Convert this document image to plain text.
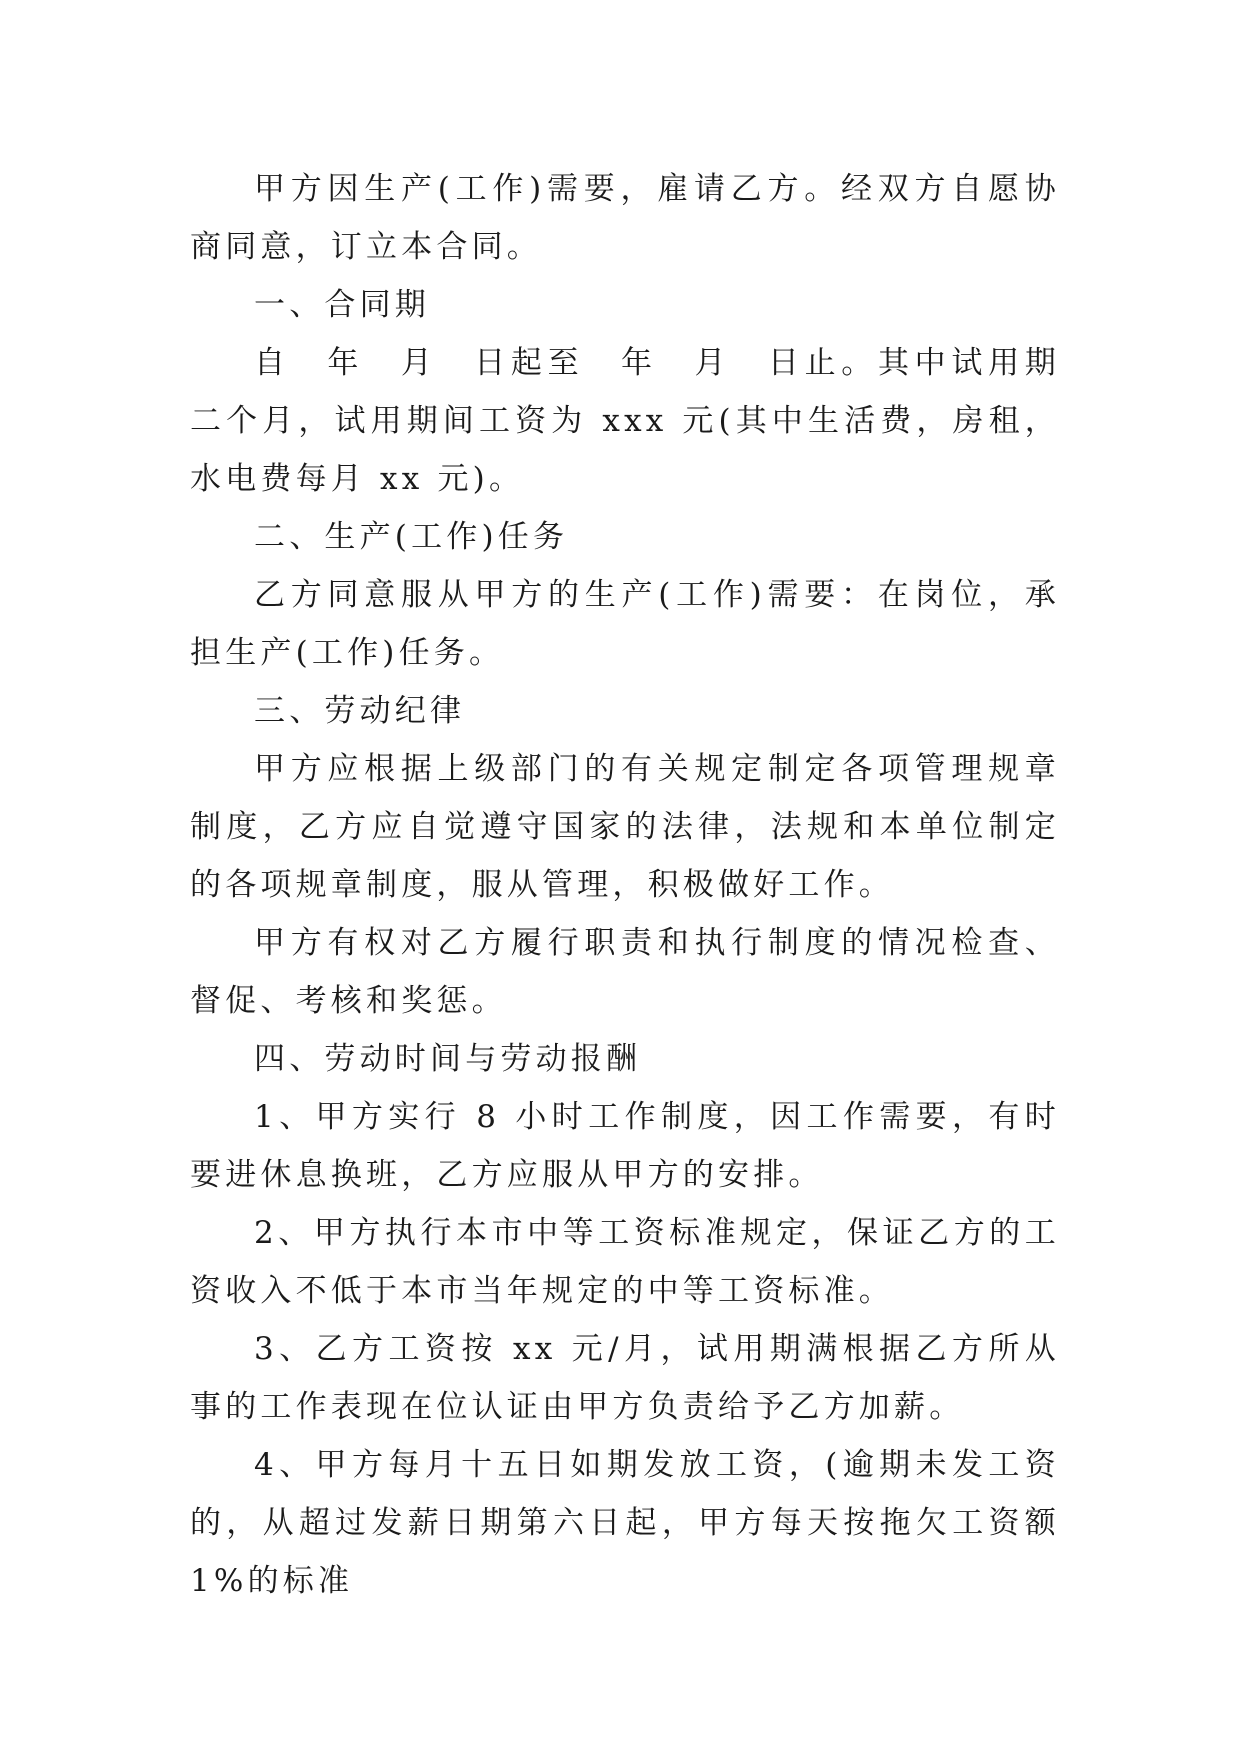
甲方因生产(工作)需要，雇请乙方。经双方自愿协商同意，订立本合同。

一、合同期

自　年　月　日起至　年　月　日止。其中试用期二个月，试用期间工资为 xxx 元(其中生活费，房租，水电费每月 xx 元)。

二、生产(工作)任务

乙方同意服从甲方的生产(工作)需要：在岗位，承担生产(工作)任务。

三、劳动纪律

甲方应根据上级部门的有关规定制定各项管理规章制度，乙方应自觉遵守国家的法律，法规和本单位制定的各项规章制度，服从管理，积极做好工作。

甲方有权对乙方履行职责和执行制度的情况检查、督促、考核和奖惩。

四、劳动时间与劳动报酬

1、甲方实行 8 小时工作制度，因工作需要，有时要进休息换班，乙方应服从甲方的安排。

2、甲方执行本市中等工资标准规定，保证乙方的工资收入不低于本市当年规定的中等工资标准。

3、乙方工资按 xx 元/月，试用期满根据乙方所从事的工作表现在位认证由甲方负责给予乙方加薪。

4、甲方每月十五日如期发放工资，(逾期未发工资的，从超过发薪日期第六日起，甲方每天按拖欠工资额 1%的标准
